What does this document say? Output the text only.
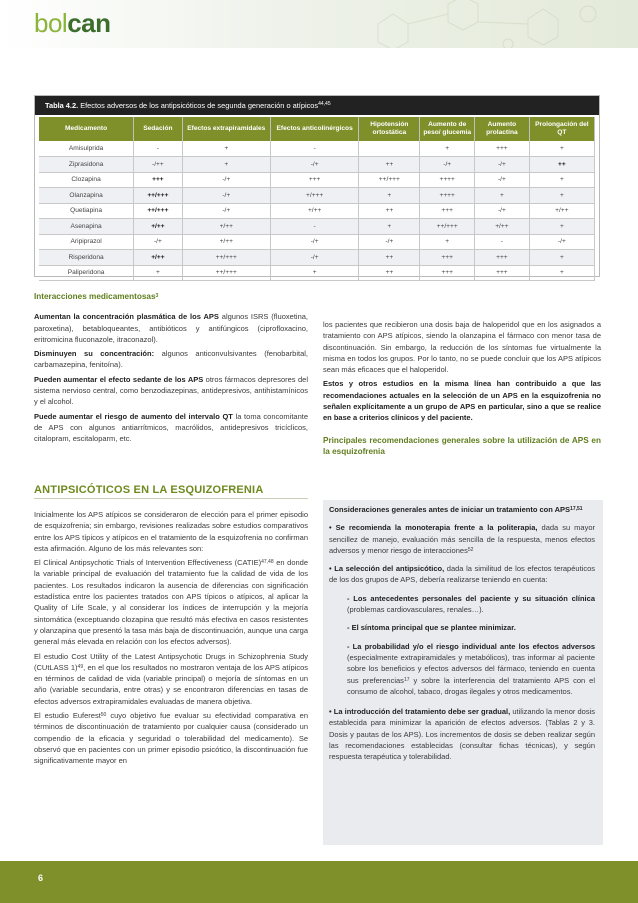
bolcan
Tabla 4.2. Efectos adversos de los antipsicóticos de segunda generación o atípicos$^{44,45}$
Medicamento	Sedación	Efectos extrapiramidales	Efectos anticolinérgicos	Hipotensión ortostática	Aumento de peso/ glucemia	Aumento prolactina	Prolongación del QT
Amisulprida	-	+	-		+	+++	+
Ziprasidona	-/++	+	-/+	++	-/+	-/+	++
Clozapina	+++	-/+	+++	++/+++	++++	-/+	+
Olanzapina	++/+++	-/+	+/+++	+	++++	+	+
Quetiapina	++/+++	-/+	+/++	++	+++	-/+	+/++
Asenapina	+/++	+/++	-	+	++/+++	+/++	+
Aripiprazol	-/+	+/++	-/+	-/+	+	-	-/+
Risperidona	+/++	++/+++	-/+	++	+++	+++	+
Paliperidona	+	++/+++	+	++	+++	+++	+
Interacciones medicamentosas$^3$
Aumentan la concentración plasmática de los APS algunos ISRS (fluoxetina, paroxetina), betabloqueantes, antibióticos y antifúngicos (ciprofloxacino, eritromicina fluconazole, itraconazol).
Disminuyen su concentración: algunos anticonvulsivantes (fenobarbital, carbamazepina, fenitoína).
Pueden aumentar el efecto sedante de los APS otros fármacos depresores del sistema nervioso central, como benzodiazepinas, antidepresivos, antihistamínicos y el alcohol.
Puede aumentar el riesgo de aumento del intervalo QT la toma concomitante de APS con algunos antiarrítmicos, macrólidos, antidepresivos tricíclicos, citalopram, escitaloparm, etc.
ANTIPSICÓTICOS EN LA ESQUIZOFRENIA
Inicialmente los APS atípicos se consideraron de elección para el primer episodio de esquizofrenia; sin embargo, revisiones realizadas sobre estudios comparativos entre los APS típicos y atípicos en el tratamiento de la esquizofrenia no confirman esta afirmación. Alguno de los más relevantes son:
El Clinical Antipsychotic Trials of Intervention Effectiveness (CATIE)$^{47,48}$ en donde la variable principal de evaluación del tratamiento fue la calidad de vida de los pacientes. Los resultados indicaron la ausencia de diferencias con significación estadística entre los pacientes tratados con APS típicos o atípicos, al aplicar la Quality of Life Scale, y al considerar los índices de interrupción y la mejoría sintomática (exceptuando clozapina que resultó más efectiva en casos resistentes y olanzapina que presentó la tasa más baja de discontinuación, aunque una carga general más elevada en relación con los efectos adversos).
El estudio Cost Utility of the Latest Antipsychotic Drugs in Schizophrenia Study (CUtLASS 1)$^{49}$, en el que los resultados no mostraron ventaja de los APS atípicos en términos de calidad de vida (variable principal) o mejoría de síntomas en un año (variable secundaria, entre otras) y se encontraron diferencias en tasas de efectos adversos extrapiramidales evaluadas de manera objetiva.
El estudio Euferest$^{50}$ cuyo objetivo fue evaluar su efectividad comparativa en términos de discontinuación de tratamiento por cualquier causa (considerado un compendio de la eficacia y seguridad o tolerabilidad del medicamento). Se observó que en pacientes con un primer episodio psicótico, la discontinuación fue significativamente mayor en
los pacientes que recibieron una dosis baja de haloperidol que en los asignados a tratamiento con APS atípicos, siendo la olanzapina el fármaco con menor tasa de discontinuación. Sin embargo, la reducción de los síntomas fue virtualmente la misma en todos los grupos. Por lo tanto, no se puede concluir que los APS atípicos sean más eficaces que el haloperidol.
Estos y otros estudios en la misma línea han contribuido a que las recomendaciones actuales en la selección de un APS en la esquizofrenia no señalen explícitamente a un grupo de APS en particular, sino a que se realice en base a criterios clínicos y del paciente.
Principales recomendaciones generales sobre la utilización de APS en la esquizofrenia
Consideraciones generales antes de iniciar un tratamiento con APS$^{17,51}$
• Se recomienda la monoterapia frente a la politerapia, dada su mayor sencillez de manejo, evaluación más sencilla de la respuesta, menos efectos adversos y menor riesgo de interacciones$^{52}$
• La selección del antipsicótico, dada la similitud de los efectos terapéuticos de los dos grupos de APS, debería realizarse teniendo en cuenta:
- Los antecedentes personales del paciente y su situación clínica (problemas cardiovasculares, renales…).
- El síntoma principal que se plantee minimizar.
- La probabilidad y/o el riesgo individual ante los efectos adversos (especialmente extrapiramidales y metabólicos), tras informar al paciente sobre los beneficios y efectos adversos del fármaco, teniendo en cuenta sus preferencias$^{17}$ y sobre la interferencia del tratamiento APS con el consumo de alcohol, tabaco, drogas ilegales y otros medicamentos.
• La introducción del tratamiento debe ser gradual, utilizando la menor dosis establecida para minimizar la aparición de efectos adversos. (Tablas 2 y 3. Dosis y pautas de los APS). Los incrementos de dosis se deben realizar según las recomendaciones establecidas (consultar fichas técnicas), y según respuesta terapéutica y tolerabilidad.
6
